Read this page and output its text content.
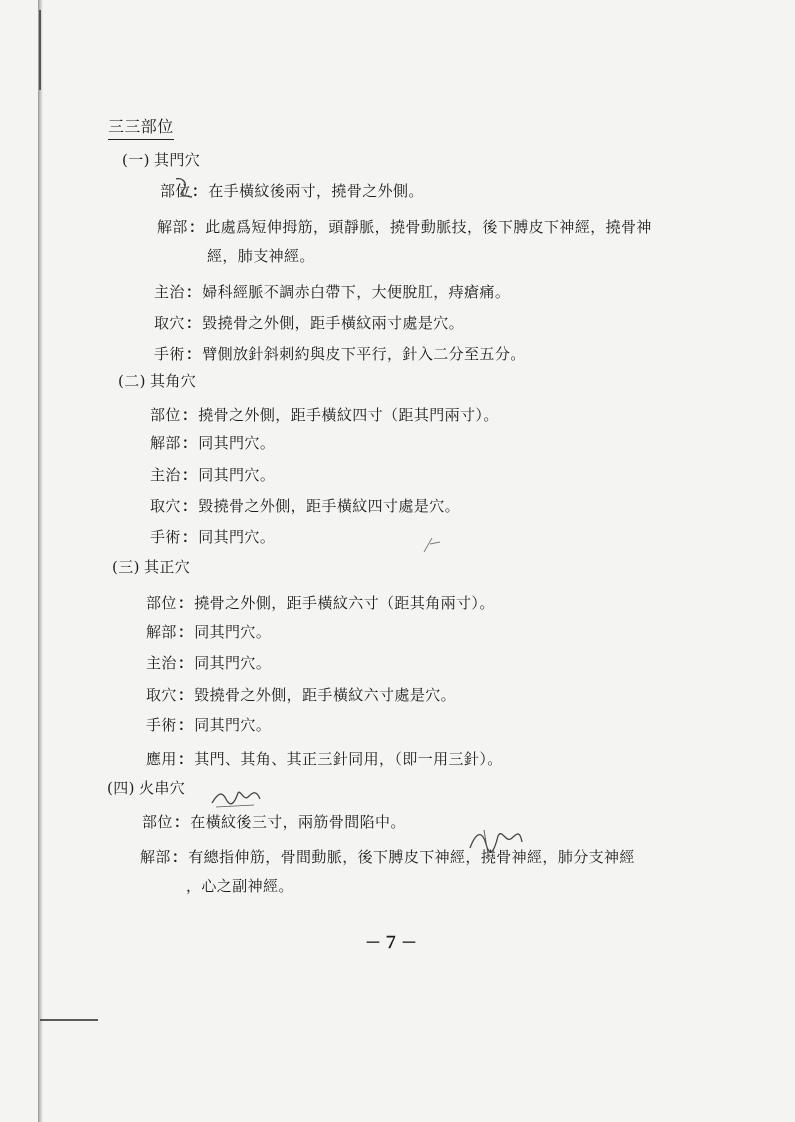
三三部位
(一) 其門穴
部位：在手橫紋後兩寸，撓骨之外側。
解部：此處爲短伸拇筋，頭靜脈，撓骨動脈技，後下膊皮下神經，撓骨神
經，肺支神經。
主治：婦科經脈不調赤白帶下，大便脫肛，痔瘡痛。
取穴：毀撓骨之外側，距手橫紋兩寸處是穴。
手術：臂側放針斜刺約與皮下平行，針入二分至五分。
(二) 其角穴
部位：撓骨之外側，距手橫紋四寸（距其門兩寸）。
解部：同其門穴。
主治：同其門穴。
取穴：毀撓骨之外側，距手橫紋四寸處是穴。
手術：同其門穴。
(三) 其正穴
部位：撓骨之外側，距手橫紋六寸（距其角兩寸）。
解部：同其門穴。
主治：同其門穴。
取穴：毀撓骨之外側，距手橫紋六寸處是穴。
手術：同其門穴。
應用：其門、其角、其正三針同用，（即一用三針）。
(四) 火串穴
部位：在橫紋後三寸，兩筋骨間陷中。
解部：有總指伸筋，骨間動脈，後下膊皮下神經，撓骨神經，肺分支神經
，心之副神經。
－７－
